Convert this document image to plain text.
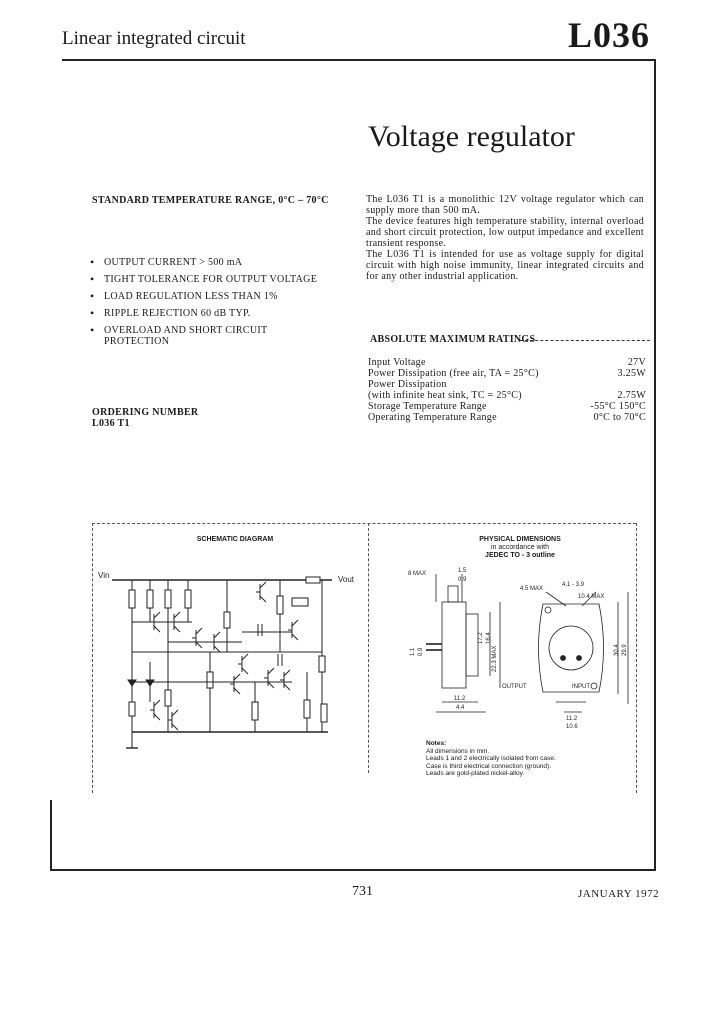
Linear integrated circuit	L036
Voltage regulator
STANDARD TEMPERATURE RANGE, 0°C – 70°C	The L036 T1 is a monolithic 12V voltage regulator which can supply more than 500 mA.

The device features high temperature stability, internal overload and short circuit protection, low output impedance and excellent transient response.

The L036 T1 is intended for use as voltage supply for digital circuit with high noise immunity, linear integrated circuits and for any other industrial application.

• OUTPUT CURRENT > 500 mA
• TIGHT TOLERANCE FOR OUTPUT VOLTAGE
• LOAD REGULATION LESS THAN 1%
• RIPPLE REJECTION 60 dB TYP.
• OVERLOAD AND SHORT CIRCUIT PROTECTION
ORDERING NUMBER
L036 T1
ABSOLUTE MAXIMUM RATINGS
Input Voltage	27V
Power Dissipation (free air, TA = 25°C)	3.25W
Power Dissipation	
(with infinite heat sink, TC = 25°C)	2.75W
Storage Temperature Range	-55°C 150°C
Operating Temperature Range	0°C to 70°C
SCHEMATIC DIAGRAM	PHYSICAL DIMENSIONS
in accordance with
JEDEC TO - 3 outline
Vin	Vout
8 MAX	1.5
0.9
4.5 MAX
4.1 - 3.9
10.4 MAX
17.2 16.4
22.3 MAX
1.1 0.9
11.2
4.4
11.2
10.6
30.4 29.9
OUTPUT	INPUT
Notes:
All dimensions in mm.
Leads 1 and 2 electrically isolated from case.
Case is third electrical connection (ground).
Leads are gold-plated nickel-alloy.
731	JANUARY 1972
